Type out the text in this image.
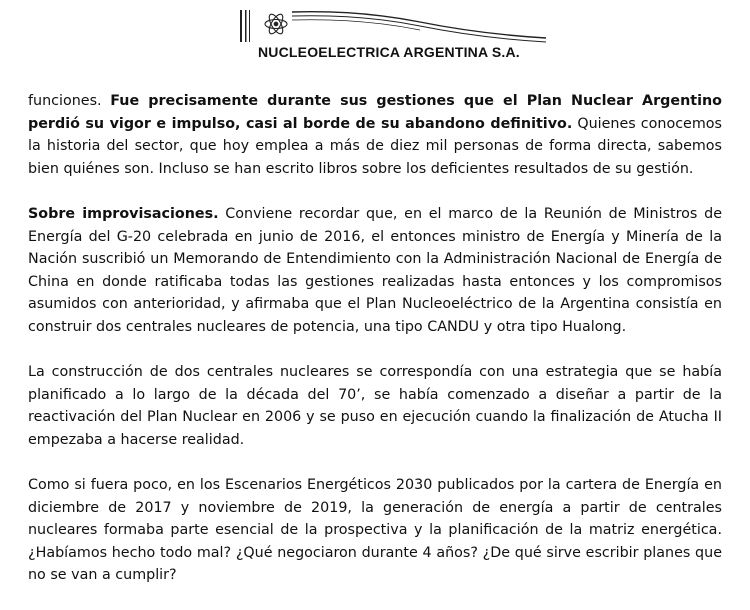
NUCLEOELECTRICA ARGENTINA S.A.

funciones. Fue precisamente durante sus gestiones que el Plan Nuclear Argentino perdió su vigor e impulso, casi al borde de su abandono definitivo. Quienes conocemos la historia del sector, que hoy emplea a más de diez mil personas de forma directa, sabemos bien quiénes son. Incluso se han escrito libros sobre los deficientes resultados de su gestión.

Sobre improvisaciones. Conviene recordar que, en el marco de la Reunión de Ministros de Energía del G-20 celebrada en junio de 2016, el entonces ministro de Energía y Minería de la Nación suscribió un Memorando de Entendimiento con la Administración Nacional de Energía de China en donde ratificaba todas las gestiones realizadas hasta entonces y los compromisos asumidos con anterioridad, y afirmaba que el Plan Nucleoeléctrico de la Argentina consistía en construir dos centrales nucleares de potencia, una tipo CANDU y otra tipo Hualong.

La construcción de dos centrales nucleares se correspondía con una estrategia que se había planificado a lo largo de la década del 70’, se había comenzado a diseñar a partir de la reactivación del Plan Nuclear en 2006 y se puso en ejecución cuando la finalización de Atucha II empezaba a hacerse realidad.

Como si fuera poco, en los Escenarios Energéticos 2030 publicados por la cartera de Energía en diciembre de 2017 y noviembre de 2019, la generación de energía a partir de centrales nucleares formaba parte esencial de la prospectiva y la planificación de la matriz energética. ¿Habíamos hecho todo mal? ¿Qué negociaron durante 4 años? ¿De qué sirve escribir planes que no se van a cumplir?
